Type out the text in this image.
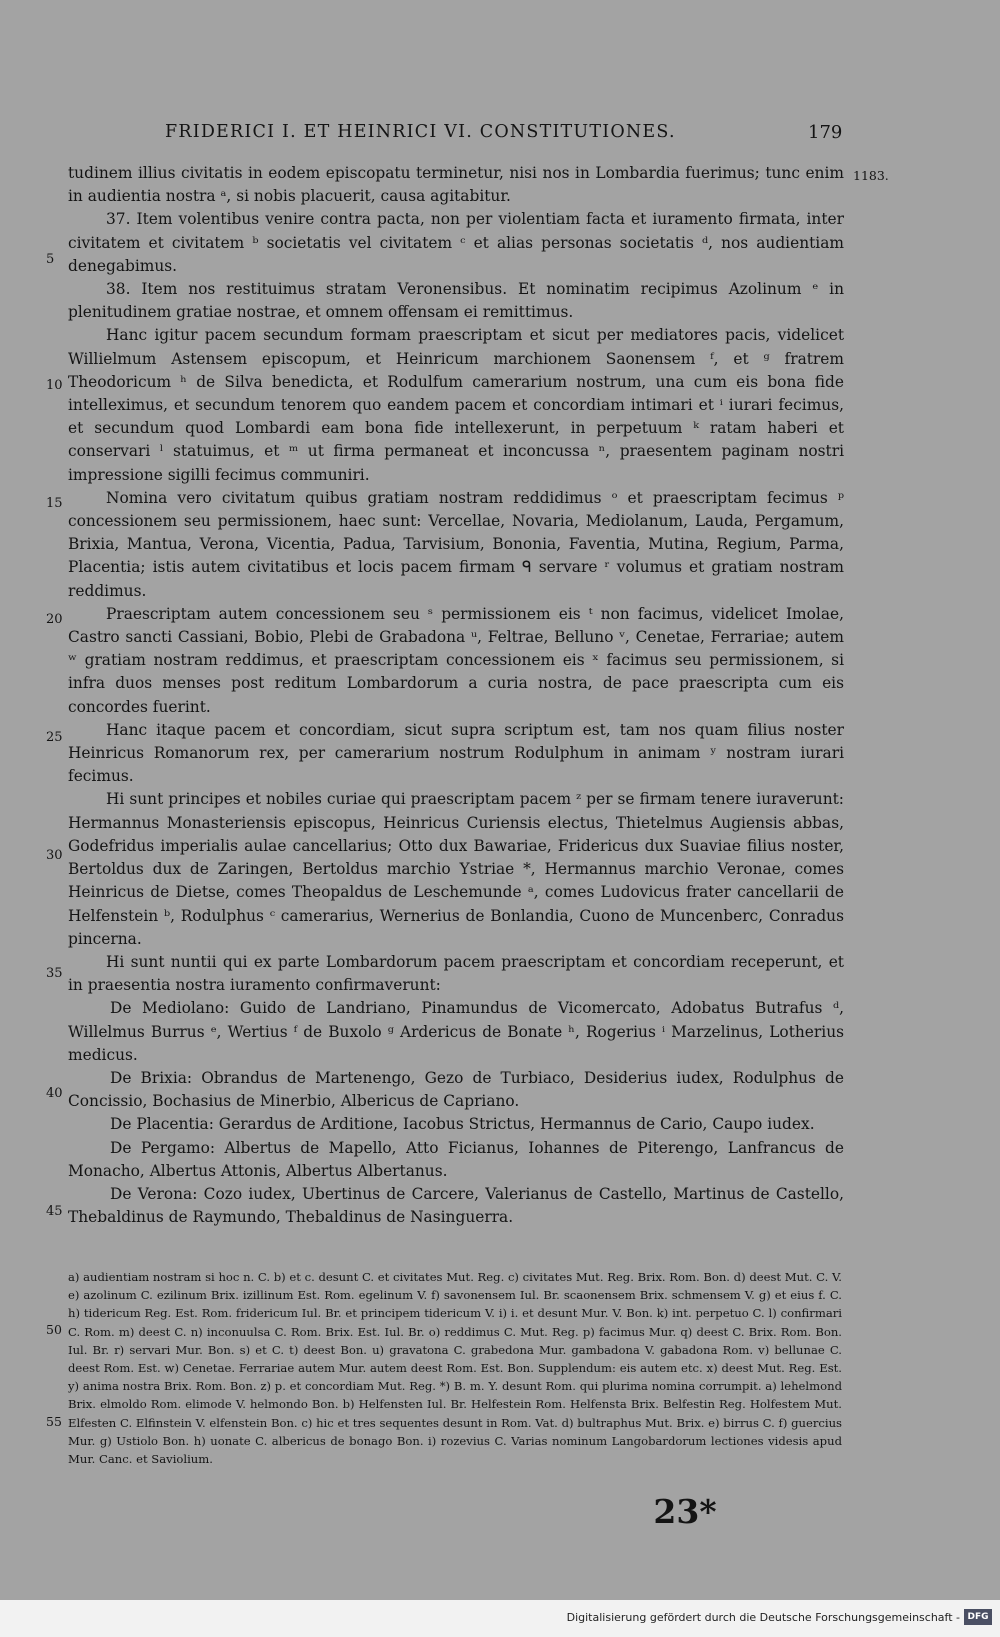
FRIDERICI I. ET HEINRICI VI. CONSTITUTIONES.	179
1183.
5
10
15
20
25
30
35
40
45

tudinem illius civitatis in eodem episcopatu terminetur, nisi nos in Lombardia fuerimus; tunc enim in audientia nostra ᵃ, si nobis placuerit, causa agitabitur.

37. Item volentibus venire contra pacta, non per violentiam facta et iuramento firmata, inter civitatem et civitatem ᵇ societatis vel civitatem ᶜ et alias personas societatis ᵈ, nos audientiam denegabimus.

38. Item nos restituimus stratam Veronensibus. Et nominatim recipimus Azolinum ᵉ in plenitudinem gratiae nostrae, et omnem offensam ei remittimus.

Hanc igitur pacem secundum formam praescriptam et sicut per mediatores pacis, videlicet Willielmum Astensem episcopum, et Heinricum marchionem Saonensem ᶠ, et ᵍ fratrem Theodoricum ʰ de Silva benedicta, et Rodulfum camerarium nostrum, una cum eis bona fide intelleximus, et secundum tenorem quo eandem pacem et concordiam intimari et ⁱ iurari fecimus, et secundum quod Lombardi eam bona fide intellexerunt, in perpetuum ᵏ ratam haberi et conservari ˡ statuimus, et ᵐ ut firma permaneat et inconcussa ⁿ, praesentem paginam nostri impressione sigilli fecimus communiri.

Nomina vero civitatum quibus gratiam nostram reddidimus ᵒ et praescriptam fecimus ᵖ concessionem seu permissionem, haec sunt: Vercellae, Novaria, Mediolanum, Lauda, Pergamum, Brixia, Mantua, Verona, Vicentia, Padua, Tarvisium, Bononia, Faventia, Mutina, Regium, Parma, Placentia; istis autem civitatibus et locis pacem firmam ᑫ servare ʳ volumus et gratiam nostram reddimus.

Praescriptam autem concessionem seu ˢ permissionem eis ᵗ non facimus, videlicet Imolae, Castro sancti Cassiani, Bobio, Plebi de Grabadona ᵘ, Feltrae, Belluno ᵛ, Cenetae, Ferrariae; autem ʷ gratiam nostram reddimus, et praescriptam concessionem eis ˣ facimus seu permissionem, si infra duos menses post reditum Lombardorum a curia nostra, de pace praescripta cum eis concordes fuerint.

Hanc itaque pacem et concordiam, sicut supra scriptum est, tam nos quam filius noster Heinricus Romanorum rex, per camerarium nostrum Rodulphum in animam ʸ nostram iurari fecimus.

Hi sunt principes et nobiles curiae qui praescriptam pacem ᶻ per se firmam tenere iuraverunt: Hermannus Monasteriensis episcopus, Heinricus Curiensis electus, Thietelmus Augiensis abbas, Godefridus imperialis aulae cancellarius; Otto dux Bawariae, Fridericus dux Suaviae filius noster, Bertoldus dux de Zaringen, Bertoldus marchio Ystriae *, Hermannus marchio Veronae, comes Heinricus de Dietse, comes Theopaldus de Leschemunde ᵃ, comes Ludovicus frater cancellarii de Helfenstein ᵇ, Rodulphus ᶜ camerarius, Wernerius de Bonlandia, Cuono de Muncenberc, Conradus pincerna.

Hi sunt nuntii qui ex parte Lombardorum pacem praescriptam et concordiam receperunt, et in praesentia nostra iuramento confirmaverunt:

De Mediolano: Guido de Landriano, Pinamundus de Vicomercato, Adobatus Butrafus ᵈ, Willelmus Burrus ᵉ, Wertius ᶠ de Buxolo ᵍ Ardericus de Bonate ʰ, Rogerius ⁱ Marzelinus, Lotherius medicus.

De Brixia: Obrandus de Martenengo, Gezo de Turbiaco, Desiderius iudex, Rodulphus de Concissio, Bochasius de Minerbio, Albericus de Capriano.

De Placentia: Gerardus de Arditione, Iacobus Strictus, Hermannus de Cario, Caupo iudex.

De Pergamo: Albertus de Mapello, Atto Ficianus, Iohannes de Piterengo, Lanfrancus de Monacho, Albertus Attonis, Albertus Albertanus.

De Verona: Cozo iudex, Ubertinus de Carcere, Valerianus de Castello, Martinus de Castello, Thebaldinus de Raymundo, Thebaldinus de Nasinguerra.

50
55
a) audientiam nostram si hoc n. C. b) et c. desunt C. et civitates Mut. Reg. c) civitates Mut. Reg. Brix. Rom. Bon. d) deest Mut. C. V. e) azolinum C. ezilinum Brix. izillinum Est. Rom. egelinum V. f) savonensem Iul. Br. scaonensem Brix. schmensem V. g) et eius f. C. h) tidericum Reg. Est. Rom. fridericum Iul. Br. et principem tidericum V. i) i. et desunt Mur. V. Bon. k) int. perpetuo C. l) confirmari C. Rom. m) deest C. n) inconuulsa C. Rom. Brix. Est. Iul. Br. o) reddimus C. Mut. Reg. p) facimus Mur. q) deest C. Brix. Rom. Bon. Iul. Br. r) servari Mur. Bon. s) et C. t) deest Bon. u) gravatona C. grabedona Mur. gambadona V. gabadona Rom. v) bellunae C. deest Rom. Est. w) Cenetae. Ferrariae autem Mur. autem deest Rom. Est. Bon. Supplendum: eis autem etc. x) deest Mut. Reg. Est. y) anima nostra Brix. Rom. Bon. z) p. et concordiam Mut. Reg. *) B. m. Y. desunt Rom. qui plurima nomina corrumpit. a) lehelmond Brix. elmoldo Rom. elimode V. helmondo Bon. b) Helfensten Iul. Br. Helfestein Rom. Helfensta Brix. Belfestin Reg. Holfestem Mut. Elfesten C. Elfinstein V. elfenstein Bon. c) hic et tres sequentes desunt in Rom. Vat. d) bultraphus Mut. Brix. e) birrus C. f) guercius Mur. g) Ustiolo Bon. h) uonate C. albericus de bonago Bon. i) rozevius C. Varias nominum Langobardorum lectiones videsis apud Mur. Canc. et Saviolium.
23*
Digitalisierung gefördert durch die Deutsche Forschungsgemeinschaft - DFG
